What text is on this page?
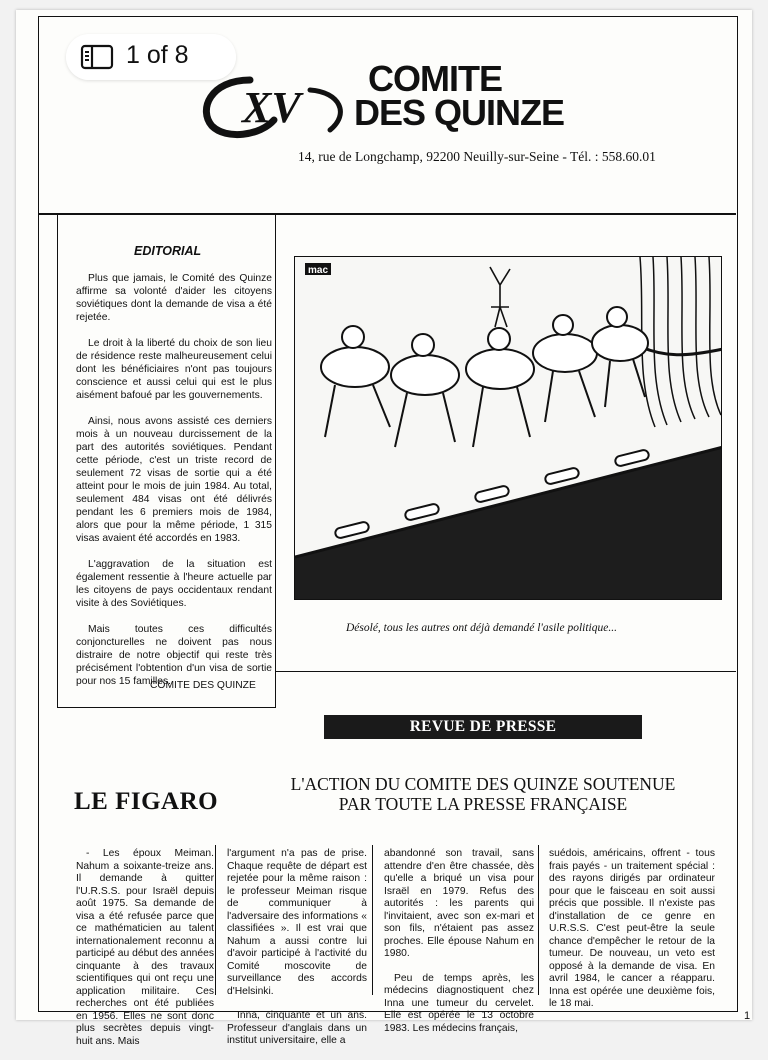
XV
COMITE
DES QUINZE
14, rue de Longchamp, 92200 Neuilly-sur-Seine - Tél. : 558.60.01
EDITORIAL

Plus que jamais, le Comité des Quinze affirme sa volonté d'aider les citoyens soviétiques dont la demande de visa a été rejetée.

Le droit à la liberté du choix de son lieu de résidence reste malheureusement celui dont les bénéficiaires n'ont pas toujours conscience et aussi celui qui est le plus aisément bafoué par les gouvernements.

Ainsi, nous avons assisté ces derniers mois à un nouveau durcissement de la part des autorités soviétiques. Pendant cette période, c'est un triste record de seulement 72 visas de sortie qui a été atteint pour le mois de juin 1984. Au total, seulement 484 visas ont été délivrés pendant les 6 premiers mois de 1984, alors que pour la même période, 1 315 visas avaient été accordés en 1983.

L'aggravation de la situation est également ressentie à l'heure actuelle par les citoyens de pays occidentaux rendant visite à des Soviétiques.

Mais toutes ces difficultés conjoncturelles ne doivent pas nous distraire de notre objectif qui reste très précisément l'obtention d'un visa de sortie pour nos 15 familles.

COMITE DES QUINZE
mac
Désolé, tous les autres ont déjà demandé l'asile politique...
REVUE DE PRESSE
L'ACTION DU COMITE DES QUINZE SOUTENUE
PAR TOUTE LA PRESSE FRANÇAISE
LE FIGARO

- Les époux Meiman. Nahum a soixante-treize ans. Il demande à quitter l'U.R.S.S. pour Israël depuis août 1975. Sa demande de visa a été refusée parce que ce mathématicien au talent internationalement reconnu a participé au début des années cinquante à des travaux scientifiques qui ont reçu une application militaire. Ces recherches ont été publiées en 1956. Elles ne sont donc plus secrètes depuis vingt-huit ans. Mais

l'argument n'a pas de prise. Chaque requête de départ est rejetée pour la même raison : le professeur Meiman risque de communiquer à l'adversaire des informations « classifiées ». Il est vrai que Nahum a aussi contre lui d'avoir participé à l'activité du Comité moscovite de surveillance des accords d'Helsinki.

Inna, cinquante et un ans. Professeur d'anglais dans un institut universitaire, elle a

abandonné son travail, sans attendre d'en être chassée, dès qu'elle a briqué un visa pour Israël en 1979. Refus des autorités : les parents qui l'invitaient, avec son ex-mari et son fils, n'étaient pas assez proches. Elle épouse Nahum en 1980.

Peu de temps après, les médecins diagnostiquent chez Inna une tumeur du cervelet. Elle est opérée le 13 octobre 1983. Les médecins français,

suédois, américains, offrent - tous frais payés - un traitement spécial : des rayons dirigés par ordinateur pour que le faisceau en soit aussi précis que possible. Il n'existe pas d'installation de ce genre en U.R.S.S. C'est peut-être la seule chance d'empêcher le retour de la tumeur. De nouveau, un veto est opposé à la demande de visa. En avril 1984, le cancer a réapparu. Inna est opérée une deuxième fois, le 18 mai.

1
1 of 8
